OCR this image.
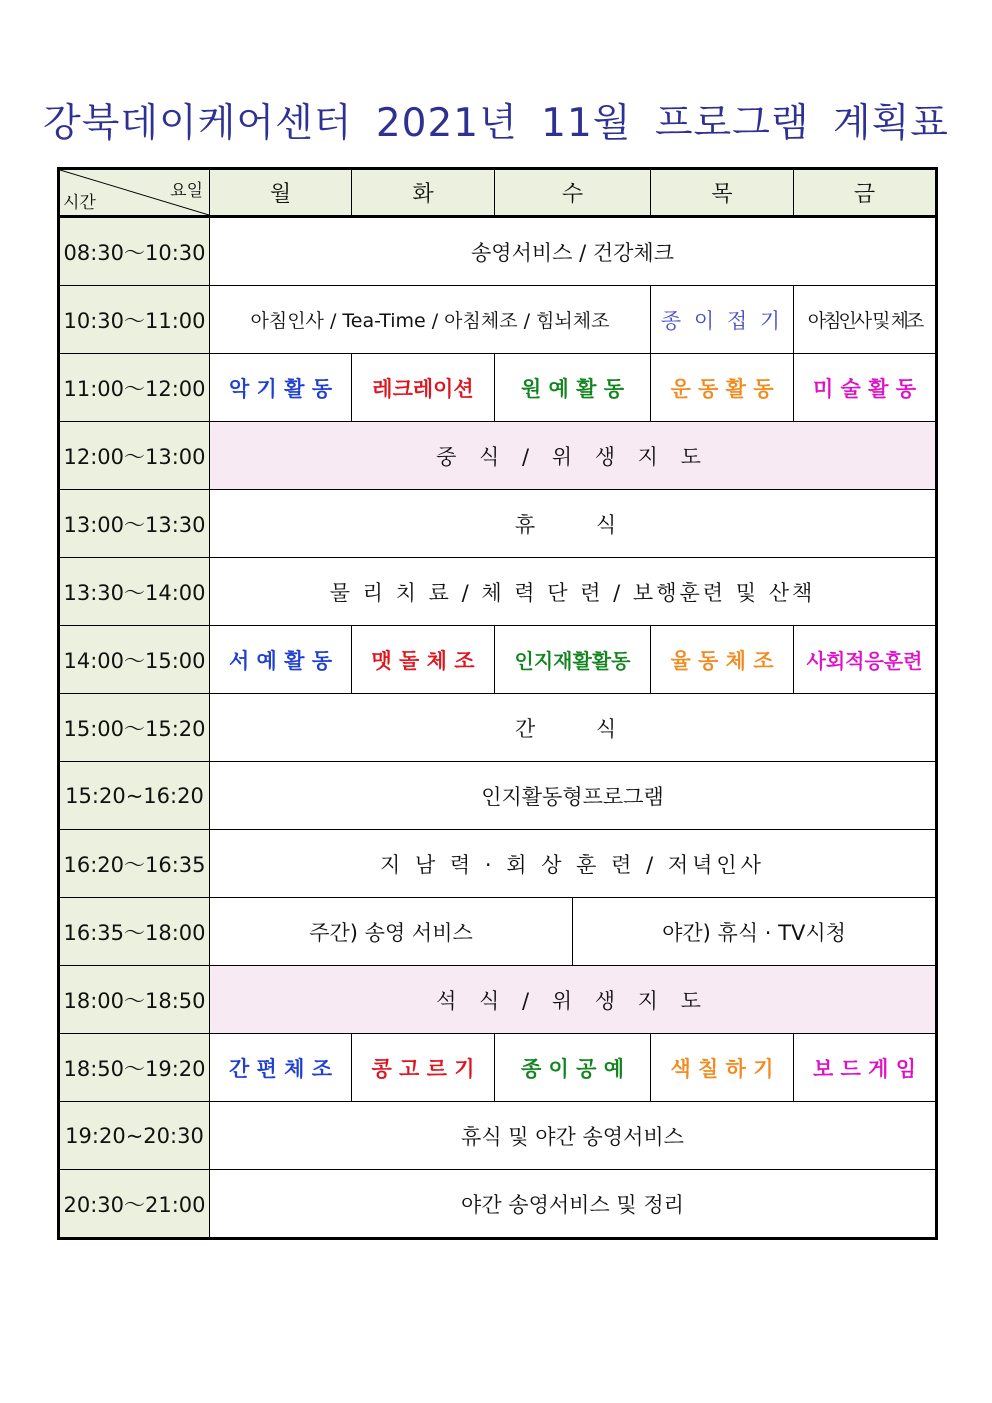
강북데이케어센터 2021년 11월 프로그램 계획표
요일
시간	월	화	수	목	금
08:30～10:30	송영서비스 / 건강체크				
10:30～11:00	아침인사 / Tea-Time / 아침체조 / 힘뇌체조			종 이 접 기	아침인사 및 체조
11:00～12:00	악 기 활 동	레크레이션	원 예 활 동	운 동 활 동	미 술 활 동
12:00～13:00	중 식 / 위 생 지 도				
13:00～13:30	휴 식				
13:30～14:00	물 리 치 료 / 체 력 단 련 / 보행훈련 및 산책				
14:00～15:00	서 예 활 동	맷 돌 체 조	인지재활활동	율 동 체 조	사회적응훈련
15:00～15:20	간 식				
15:20~16:20	인지활동형프로그램				
16:20～16:35	지 남 력 · 회 상 훈 련 / 저녁인사				
16:35～18:00	주간) 송영 서비스 야간) 휴식 · TV시청				

18:00～18:50	석 식 / 위 생 지 도				
18:50～19:20	간 편 체 조	콩 고 르 기	종 이 공 예	색 칠 하 기	보 드 게 임
19:20~20:30	휴식 및 야간 송영서비스				
20:30～21:00	야간 송영서비스 및 정리				
